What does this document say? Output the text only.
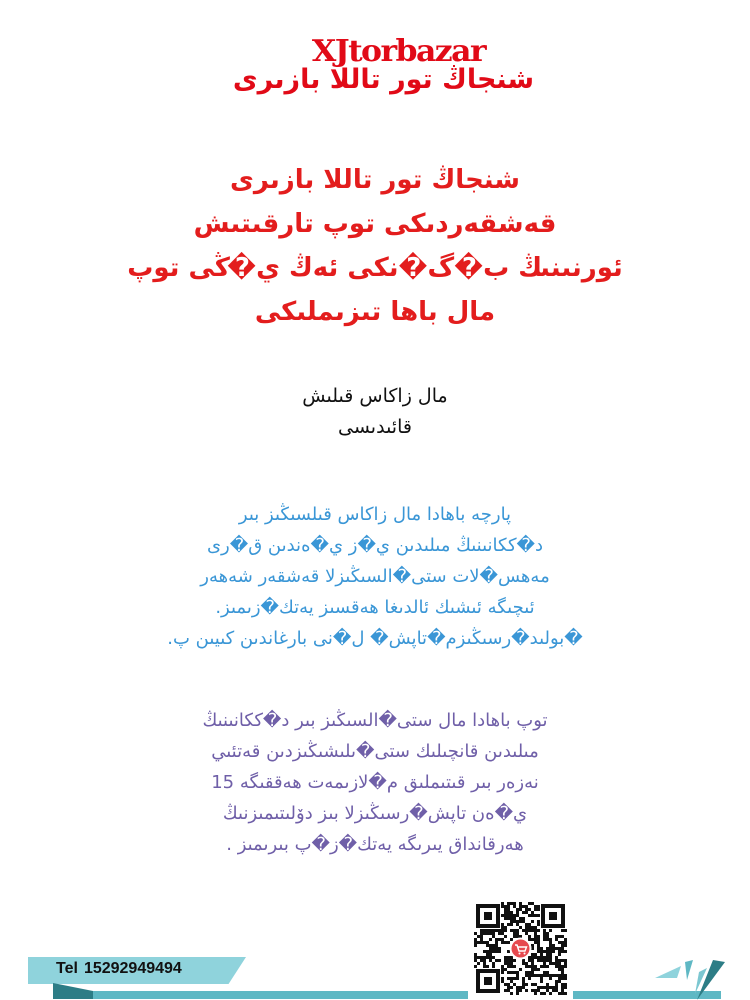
XJtorbazar
شنجاڭ تور تاللا بازىرى
شنجاڭ تور تاللا بازىرى
قەشقەردىكى توپ تارقىتىش
ئورنىنىڭ ب�گ�نكى ئەڭ ي�ڭى توپ
مال باھا تىزىملىكى
مال زاكاس قىلىش
قائىدىسى
پارچە باھادا مال زاكاس قىلسىڭىز بىر
د�ككانىنىڭ مىلىدىن ي�ز ي�ەندىن ق�رى
مەھس�لات ستى�السىڭىزلا قەشقەر شەھەر
ئىچىگە ئىشىك ئالدىغا ھەقسىز يەتك�زىمىز.
�بولىد�رسىڭىزم�تاپش� ل�نى بارغاندىن كىيىن پ.
توپ باھادا مال ستى�السىڭىز بىر د�ككانىنىڭ
مىلىدىن قانچىلىك ستى�ىلىشىڭىزدىن قەتئىي
نەزەر بىر قىتىملىق م�لازىمەت ھەققىگە 15
ي�ەن تاپش�رسىڭىزلا بىز دۆلىتىمىزنىڭ
ھەرقانداق يىرىگە يەتك�ز�پ بىرىمىز .
Tel 15292949494
